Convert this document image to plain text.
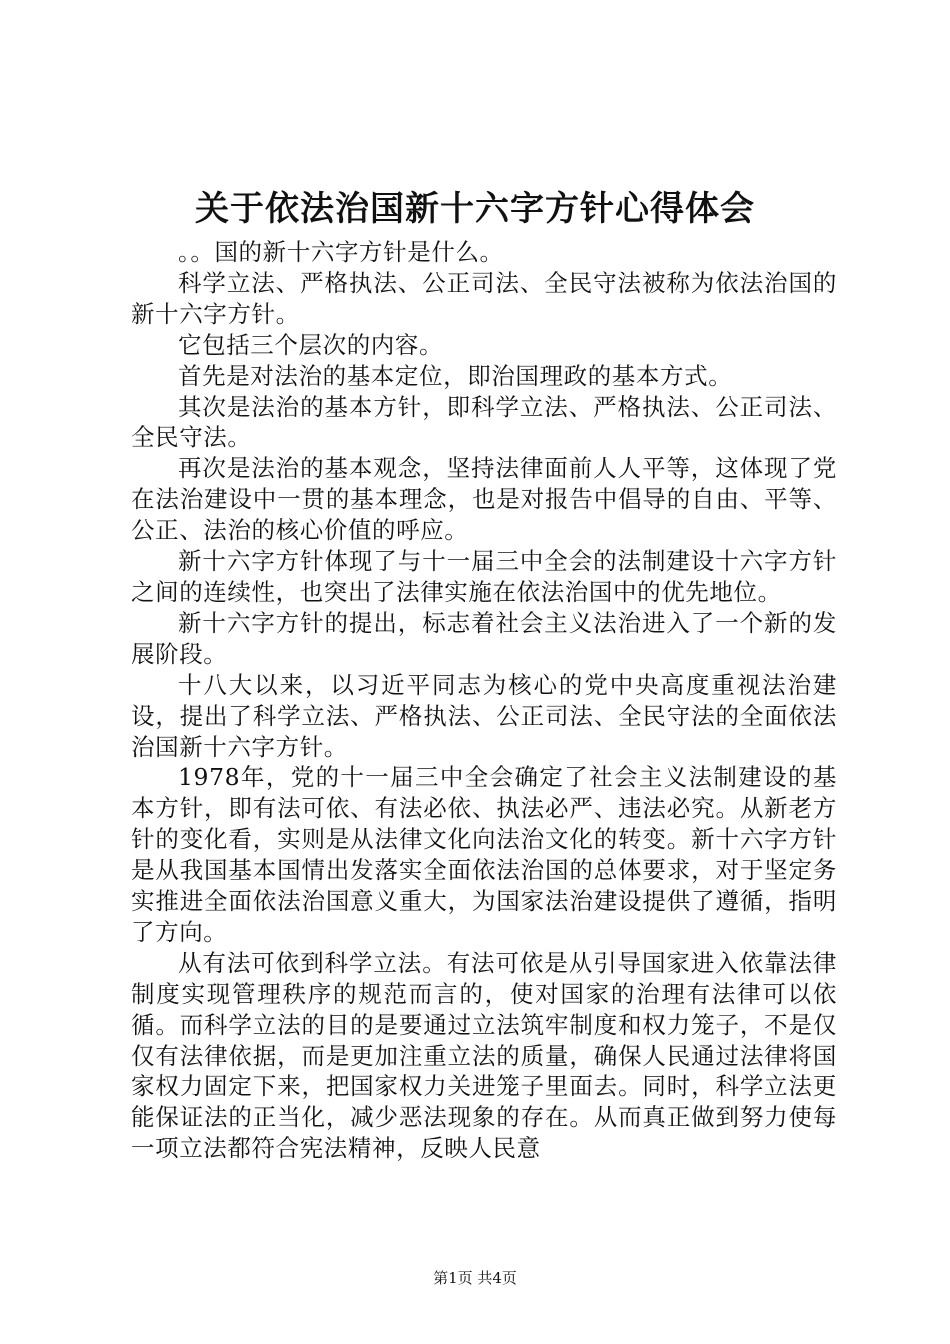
关于依法治国新十六字方针心得体会

。。国的新十六字方针是什么。

科学立法、严格执法、公正司法、全民守法被称为依法治国的新十六字方针。

它包括三个层次的内容。

首先是对法治的基本定位，即治国理政的基本方式。

其次是法治的基本方针，即科学立法、严格执法、公正司法、全民守法。

再次是法治的基本观念，坚持法律面前人人平等，这体现了党在法治建设中一贯的基本理念，也是对报告中倡导的自由、平等、公正、法治的核心价值的呼应。

新十六字方针体现了与十一届三中全会的法制建设十六字方针之间的连续性，也突出了法律实施在依法治国中的优先地位。

新十六字方针的提出，标志着社会主义法治进入了一个新的发展阶段。

十八大以来，以习近平同志为核心的党中央高度重视法治建设，提出了科学立法、严格执法、公正司法、全民守法的全面依法治国新十六字方针。

1978年，党的十一届三中全会确定了社会主义法制建设的基本方针，即有法可依、有法必依、执法必严、违法必究。从新老方针的变化看，实则是从法律文化向法治文化的转变。新十六字方针是从我国基本国情出发落实全面依法治国的总体要求，对于坚定务实推进全面依法治国意义重大，为国家法治建设提供了遵循，指明了方向。

从有法可依到科学立法。有法可依是从引导国家进入依靠法律制度实现管理秩序的规范而言的，使对国家的治理有法律可以依循。而科学立法的目的是要通过立法筑牢制度和权力笼子，不是仅仅有法律依据，而是更加注重立法的质量，确保人民通过法律将国家权力固定下来，把国家权力关进笼子里面去。同时，科学立法更能保证法的正当化，减少恶法现象的存在。从而真正做到努力使每一项立法都符合宪法精神，反映人民意

第1页 共4页
